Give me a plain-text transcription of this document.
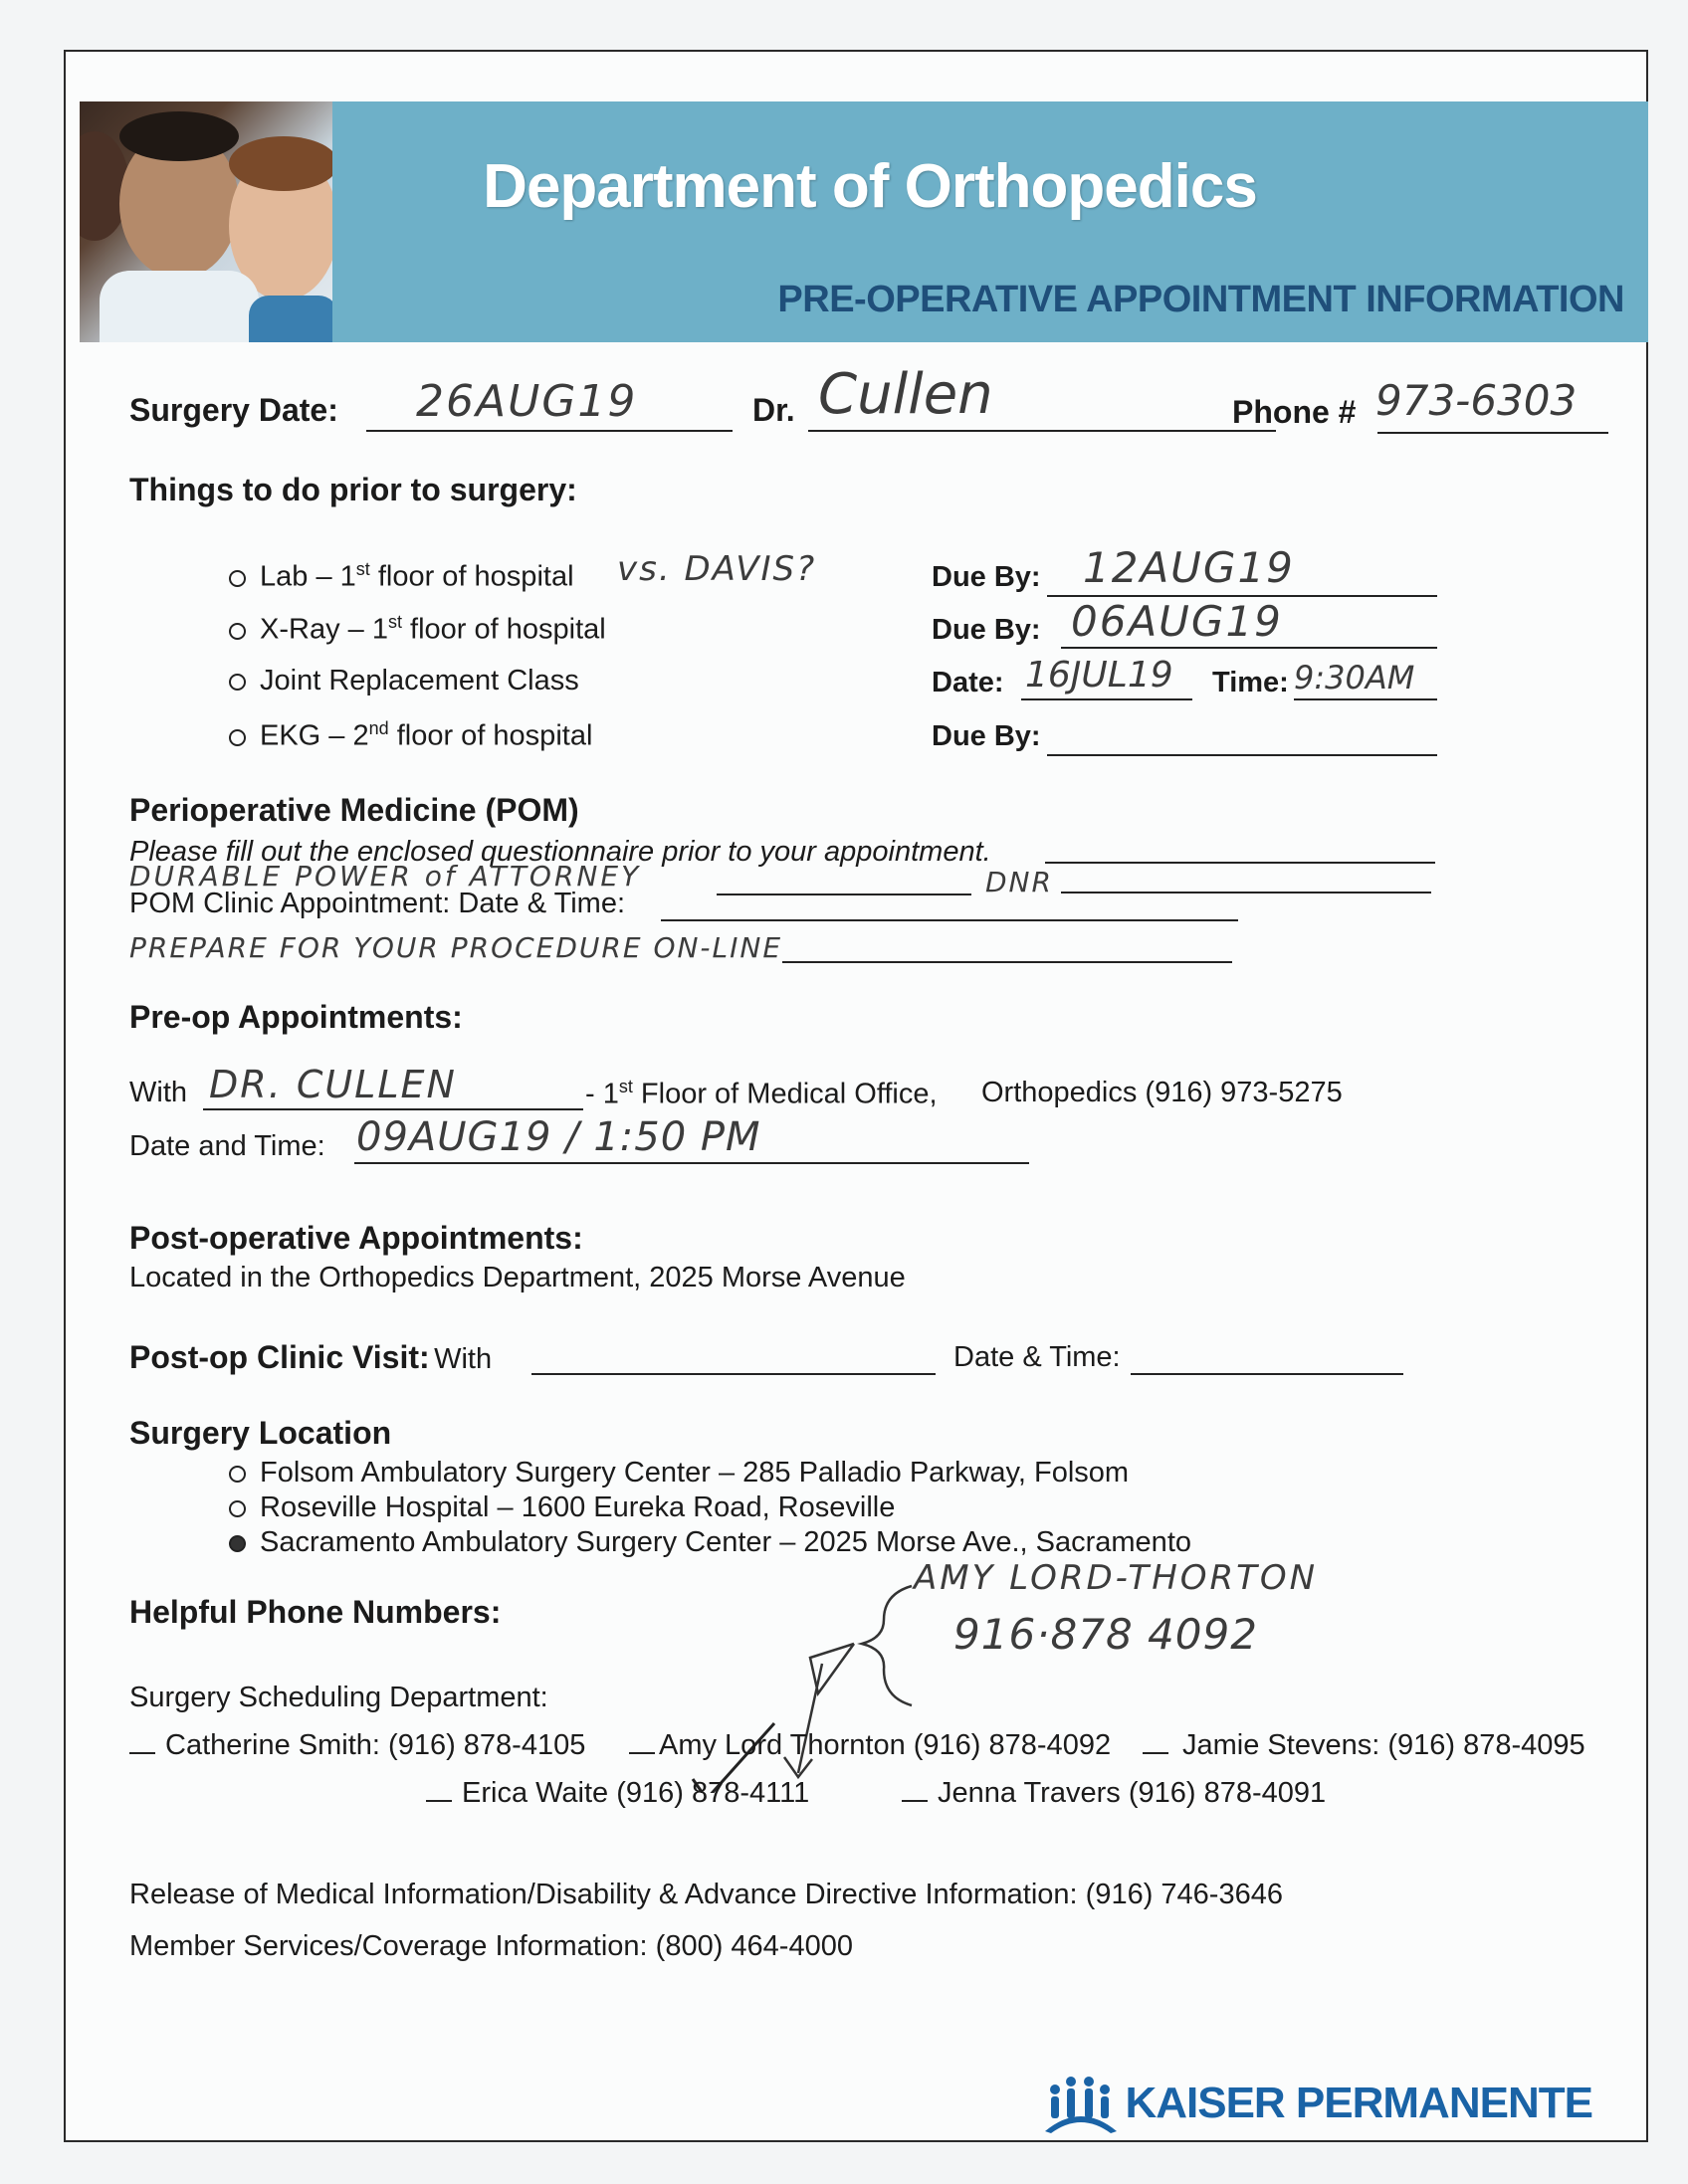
Department of Orthopedics
PRE-OPERATIVE APPOINTMENT INFORMATION
Surgery Date: 26AUG19	Dr. Cullen	Phone # 973-6303
Things to do prior to surgery:
Lab – 1st floor of hospital vs. DAVIS?	Due By: 12AUG19
X-Ray – 1st floor of hospital	Due By: 06AUG19
Joint Replacement Class	Date: 16JUL19 Time: 9:30AM
EKG – 2nd floor of hospital	Due By:
Perioperative Medicine (POM)
Please fill out the enclosed questionnaire prior to your appointment.
DURABLE POWER of ATTORNEY	DNR
POM Clinic Appointment: Date & Time:
PREPARE FOR YOUR PROCEDURE ON-LINE
Pre-op Appointments:
With DR. CULLEN	- 1st Floor of Medical Office, Orthopedics (916) 973-5275
Date and Time: 09AUG19 / 1:50 PM
Post-operative Appointments:
Located in the Orthopedics Department, 2025 Morse Avenue
Post-op Clinic Visit: With	Date & Time:
Surgery Location
Folsom Ambulatory Surgery Center – 285 Palladio Parkway, Folsom
Roseville Hospital – 1600 Eureka Road, Roseville
Sacramento Ambulatory Surgery Center – 2025 Morse Ave., Sacramento
Helpful Phone Numbers:
AMY LORD-THORTON
916·878 4092
Surgery Scheduling Department:
Catherine Smith: (916) 878-4105	Amy Lord Thornton (916) 878-4092	Jamie Stevens: (916) 878-4095
Erica Waite (916) 878-4111	Jenna Travers (916) 878-4091
Release of Medical Information/Disability & Advance Directive Information: (916) 746-3646
Member Services/Coverage Information: (800) 464-4000
KAISER PERMANENTE
